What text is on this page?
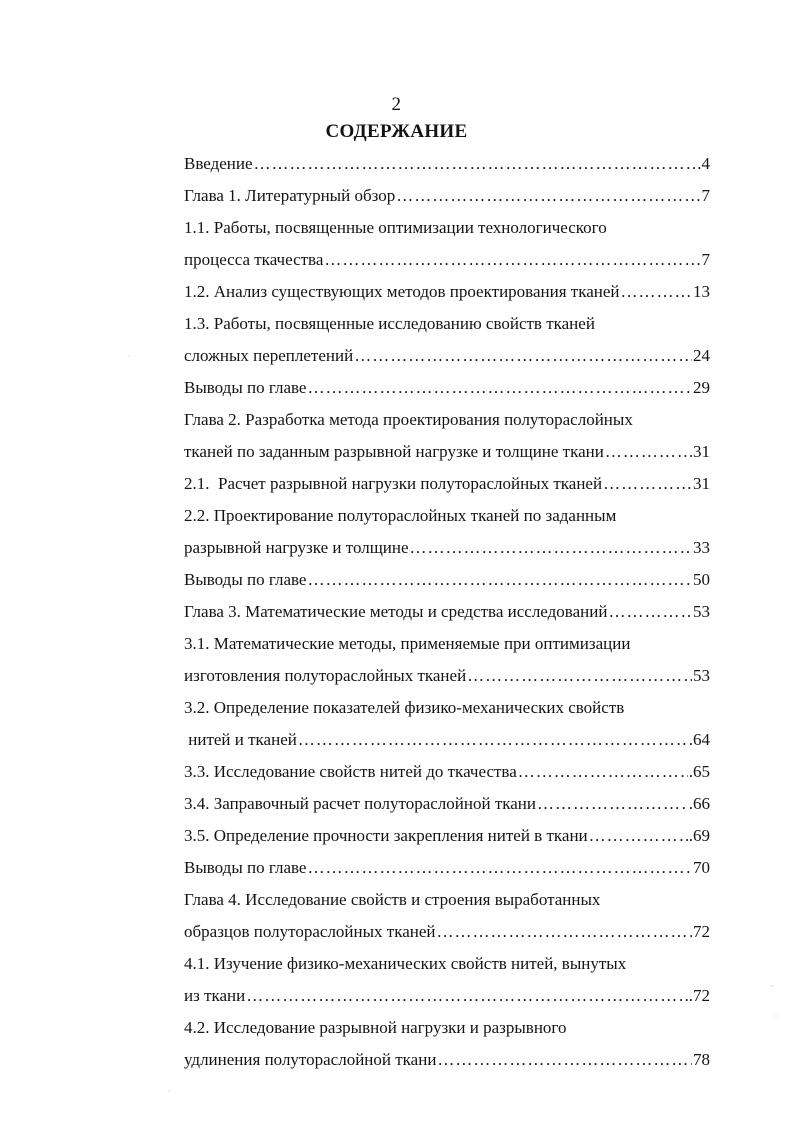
2
СОДЕРЖАНИЕ
Введение ………………………………………………………………………………………………………………………………………………	.4
Глава 1. Литературный обзор ………………………………………………………………………………………………………………………………………………	7
1.1. Работы, посвященные оптимизации технологического
процесса ткачества ………………………………………………………………………………………………………………………………………………	7
1.2. Анализ существующих методов проектирования тканей ………………………………………………………………………………………………………………………………………………	13
1.3. Работы, посвященные исследованию свойств тканей
сложных переплетений ………………………………………………………………………………………………………………………………………………	24
Выводы по главе ………………………………………………………………………………………………………………………………………………	29
Глава 2. Разработка метода проектирования полутораслойных
тканей по заданным разрывной нагрузке и толщине ткани ………………………………………………………………………………………………………………………………………………	31
2.1.  Расчет разрывной нагрузки полутораслойных тканей ………………………………………………………………………………………………………………………………………………	31
2.2. Проектирование полутораслойных тканей по заданным
разрывной нагрузке и толщине ………………………………………………………………………………………………………………………………………………	33
Выводы по главе ………………………………………………………………………………………………………………………………………………	50
Глава 3. Математические методы и средства исследований ………………………………………………………………………………………………………………………………………………	53
3.1. Математические методы, применяемые при оптимизации
изготовления полутораслойных тканей ………………………………………………………………………………………………………………………………………………	53
3.2. Определение показателей физико-механических свойств
нитей и тканей ………………………………………………………………………………………………………………………………………………	.64
3.3. Исследование свойств нитей до ткачества ………………………………………………………………………………………………………………………………………………	.65
3.4. Заправочный расчет полутораслойной ткани ………………………………………………………………………………………………………………………………………………	.66
3.5. Определение прочности закрепления нитей в ткани ………………………………………………………………………………………………………………………………………………	.69
Выводы по главе ………………………………………………………………………………………………………………………………………………	70
Глава 4. Исследование свойств и строения выработанных
образцов полутораслойных тканей ………………………………………………………………………………………………………………………………………………	72
4.1. Изучение физико-механических свойств нитей, вынутых
из ткани ………………………………………………………………………………………………………………………………………………	.72
4.2. Исследование разрывной нагрузки и разрывного
удлинения полутораслойной ткани ………………………………………………………………………………………………………………………………………………	78
